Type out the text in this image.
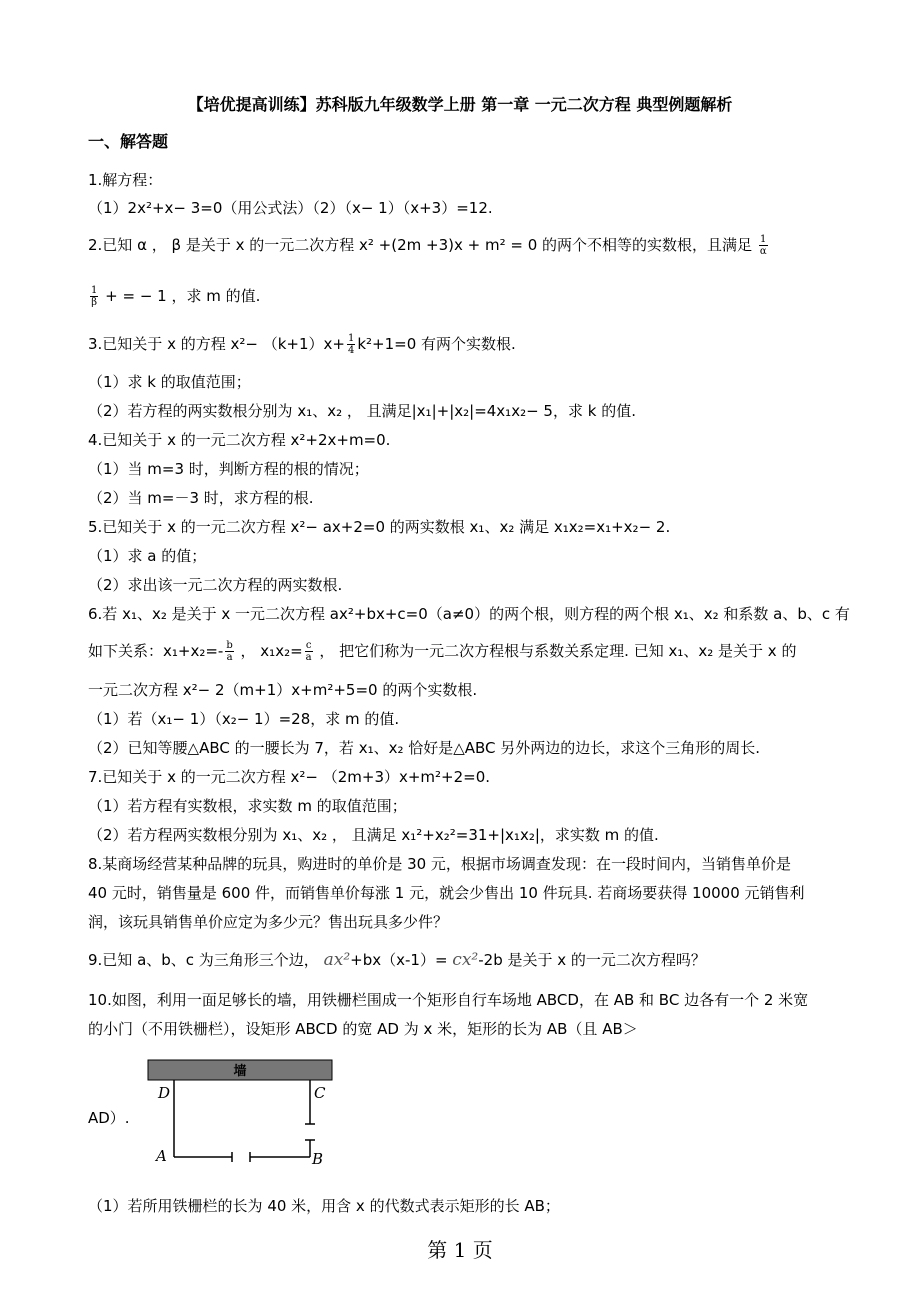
【培优提高训练】苏科版九年级数学上册 第一章 一元二次方程 典型例题解析
一、解答题
1.解方程：
（1）2x²+x− 3=0（用公式法）（2）（x− 1）（x+3）=12.
2.已知 α ， β 是关于 x 的一元二次方程 x² +(2m +3)x + m² = 0 的两个不相等的实数根，且满足 $\frac{1}{\alpha}$
$\frac{1}{\beta}$ + = − 1 ，求 m 的值.
3.已知关于 x 的方程 $x^2- (k+1)x+ \frac{1}{4} k^2+1=0$ 有两个实数根.
（1）求 k 的取值范围；
（2）若方程的两实数根分别为 x₁、x₂ ， 且满足|x₁|+|x₂|=4x₁x₂− 5，求 k 的值.
4.已知关于 x 的一元二次方程 x²+2x+m=0.
（1）当 m=3 时，判断方程的根的情况；
（2）当 m=－3 时，求方程的根.
5.已知关于 x 的一元二次方程 x²− ax+2=0 的两实数根 x₁、x₂ 满足 x₁x₂=x₁+x₂− 2.
（1）求 a 的值；
（2）求出该一元二次方程的两实数根.
6.若 x₁、x₂ 是关于 x 一元二次方程 ax²+bx+c=0（a≠0）的两个根，则方程的两个根 x₁、x₂ 和系数 a、b、c 有
如下关系：$x_1+x_2=- \frac{b}{a}$ ， $x_1x_2= \frac{c}{a}$ ， 把它们称为一元二次方程根与系数关系定理. 已知 x₁、x₂ 是关于 x 的
一元二次方程 x²− 2（m+1）x+m²+5=0 的两个实数根.
（1）若（x₁− 1）（x₂− 1）=28，求 m 的值.
（2）已知等腰△ABC 的一腰长为 7，若 x₁、x₂ 恰好是△ABC 另外两边的边长，求这个三角形的周长.
7.已知关于 x 的一元二次方程 x²− （2m+3）x+m²+2=0.
（1）若方程有实数根，求实数 m 的取值范围；
（2）若方程两实数根分别为 x₁、x₂ ， 且满足 x₁²+x₂²=31+|x₁x₂|，求实数 m 的值.
8.某商场经营某种品牌的玩具，购进时的单价是 30 元，根据市场调查发现：在一段时间内，当销售单价是
40 元时，销售量是 600 件，而销售单价每涨 1 元，就会少售出 10 件玩具. 若商场要获得 10000 元销售利
润，该玩具销售单价应定为多少元？售出玩具多少件？
9.已知 a、b、c 为三角形三个边， ax²+bx（x-1）= cx²-2b 是关于 x 的一元二次方程吗？
10.如图，利用一面足够长的墙，用铁栅栏围成一个矩形自行车场地 ABCD，在 AB 和 BC 边各有一个 2 米宽
的小门（不用铁栅栏），设矩形 ABCD 的宽 AD 为 x 米，矩形的长为 AB（且 AB＞
墙
D	C
A	B
AD）.
（1）若所用铁栅栏的长为 40 米，用含 x 的代数式表示矩形的长 AB；
第 1 页
